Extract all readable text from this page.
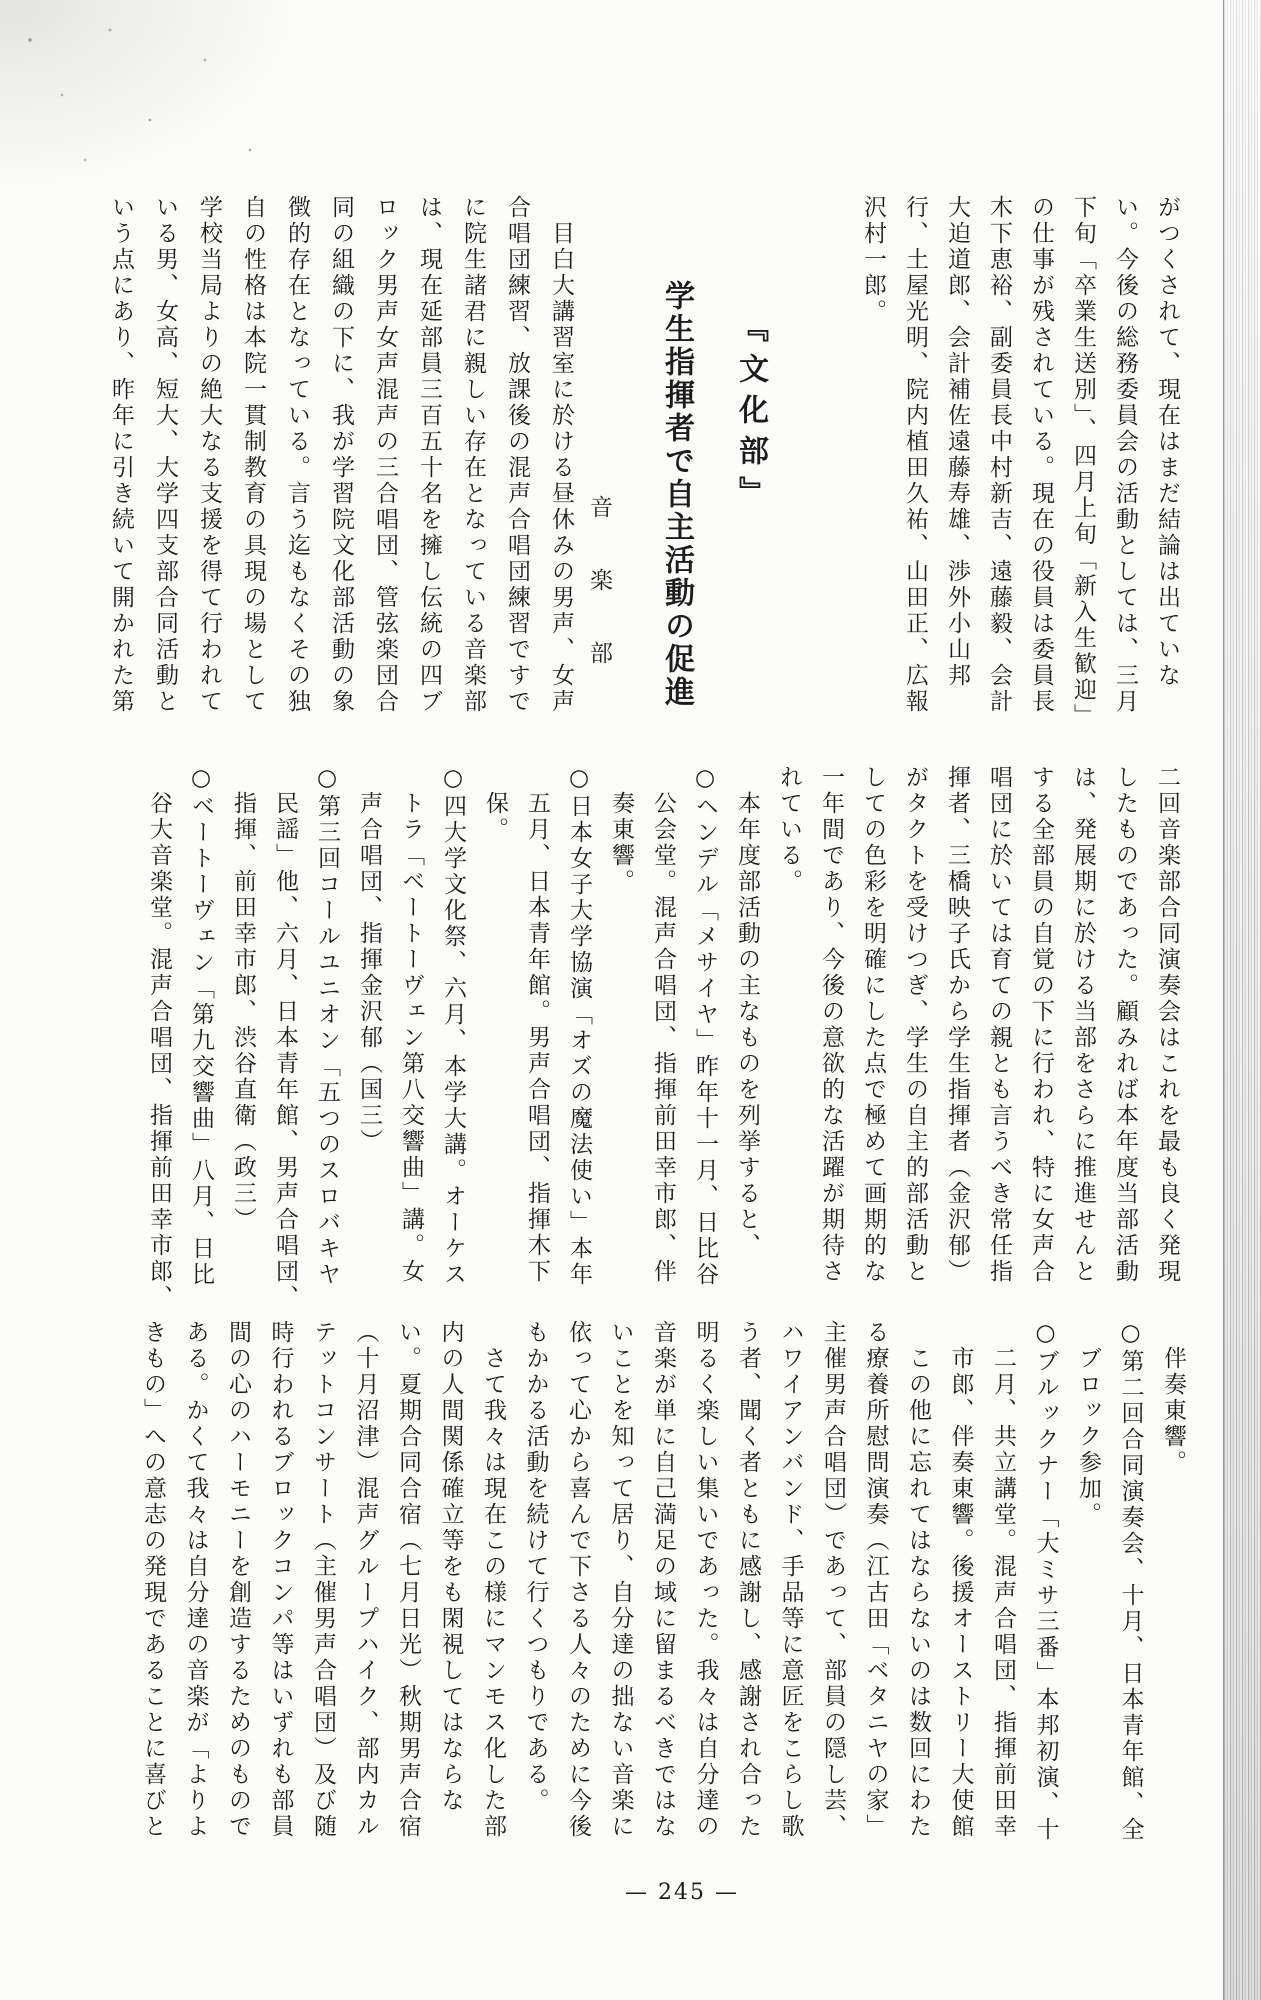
がつくされて、現在はまだ結論は出ていな
い。今後の総務委員会の活動としては、三月
下旬「卒業生送別」、四月上旬「新入生歓迎」
の仕事が残されている。現在の役員は委員長
木下恵裕、副委員長中村新吉、遠藤毅、会計
大迫道郎、会計補佐遠藤寿雄、渉外小山邦
行、土屋光明、院内植田久祐、山田正、広報
沢村一郎。
『文化部』
学生指揮者で自主活動の促進
音楽部
目白大講習室に於ける昼休みの男声、女声
合唱団練習、放課後の混声合唱団練習ですで
に院生諸君に親しい存在となっている音楽部
は、現在延部員三百五十名を擁し伝統の四ブ
ロック男声女声混声の三合唱団、管弦楽団合
同の組織の下に、我が学習院文化部活動の象
徴的存在となっている。言う迄もなくその独
自の性格は本院一貫制教育の具現の場として
学校当局よりの絶大なる支援を得て行われて
いる男、女高、短大、大学四支部合同活動と
いう点にあり、昨年に引き続いて開かれた第
二回音楽部合同演奏会はこれを最も良く発現
したものであった。顧みれば本年度当部活動
は、発展期に於ける当部をさらに推進せんと
する全部員の自覚の下に行われ、特に女声合
唱団に於いては育ての親とも言うべき常任指
揮者、三橋映子氏から学生指揮者（金沢郁）
がタクトを受けつぎ、学生の自主的部活動と
しての色彩を明確にした点で極めて画期的な
一年間であり、今後の意欲的な活躍が期待さ
れている。
本年度部活動の主なものを列挙すると、
○ヘンデル「メサイヤ」昨年十一月、日比谷
公会堂。混声合唱団、指揮前田幸市郎、伴
奏東響。
○日本女子大学協演「オズの魔法使い」本年
五月、日本青年館。男声合唱団、指揮木下
保。
○四大学文化祭、六月、本学大講。オーケス
トラ「ベートーヴェン第八交響曲」講。女
声合唱団、指揮金沢郁（国三）
○第三回コールユニオン「五つのスロバキヤ
民謡」他、六月、日本青年館、男声合唱団、
指揮、前田幸市郎、渋谷直衛（政三）
○ベートーヴェン「第九交響曲」八月、日比
谷大音楽堂。混声合唱団、指揮前田幸市郎、
伴奏東響。
○第二回合同演奏会、十月、日本青年館、全
ブロック参加。
○ブルックナー「大ミサ三番」本邦初演、十
二月、共立講堂。混声合唱団、指揮前田幸
市郎、伴奏東響。後援オーストリー大使館
この他に忘れてはならないのは数回にわた
る療養所慰問演奏（江古田「ベタニヤの家」
主催男声合唱団）であって、部員の隠し芸、
ハワイアンバンド、手品等に意匠をこらし歌
う者、聞く者ともに感謝し、感謝され合った
明るく楽しい集いであった。我々は自分達の
音楽が単に自己満足の域に留まるべきではな
いことを知って居り、自分達の拙ない音楽に
依って心から喜んで下さる人々のために今後
もかかる活動を続けて行くつもりである。
さて我々は現在この様にマンモス化した部
内の人間関係確立等をも閑視してはならな
い。夏期合同合宿（七月日光）秋期男声合宿
（十月沼津）混声グループハイク、部内カル
テットコンサート（主催男声合唱団）及び随
時行われるブロックコンパ等はいずれも部員
間の心のハーモニーを創造するためのもので
ある。かくて我々は自分達の音楽が「よりよ
きもの」への意志の発現であることに喜びと
— 245 —
